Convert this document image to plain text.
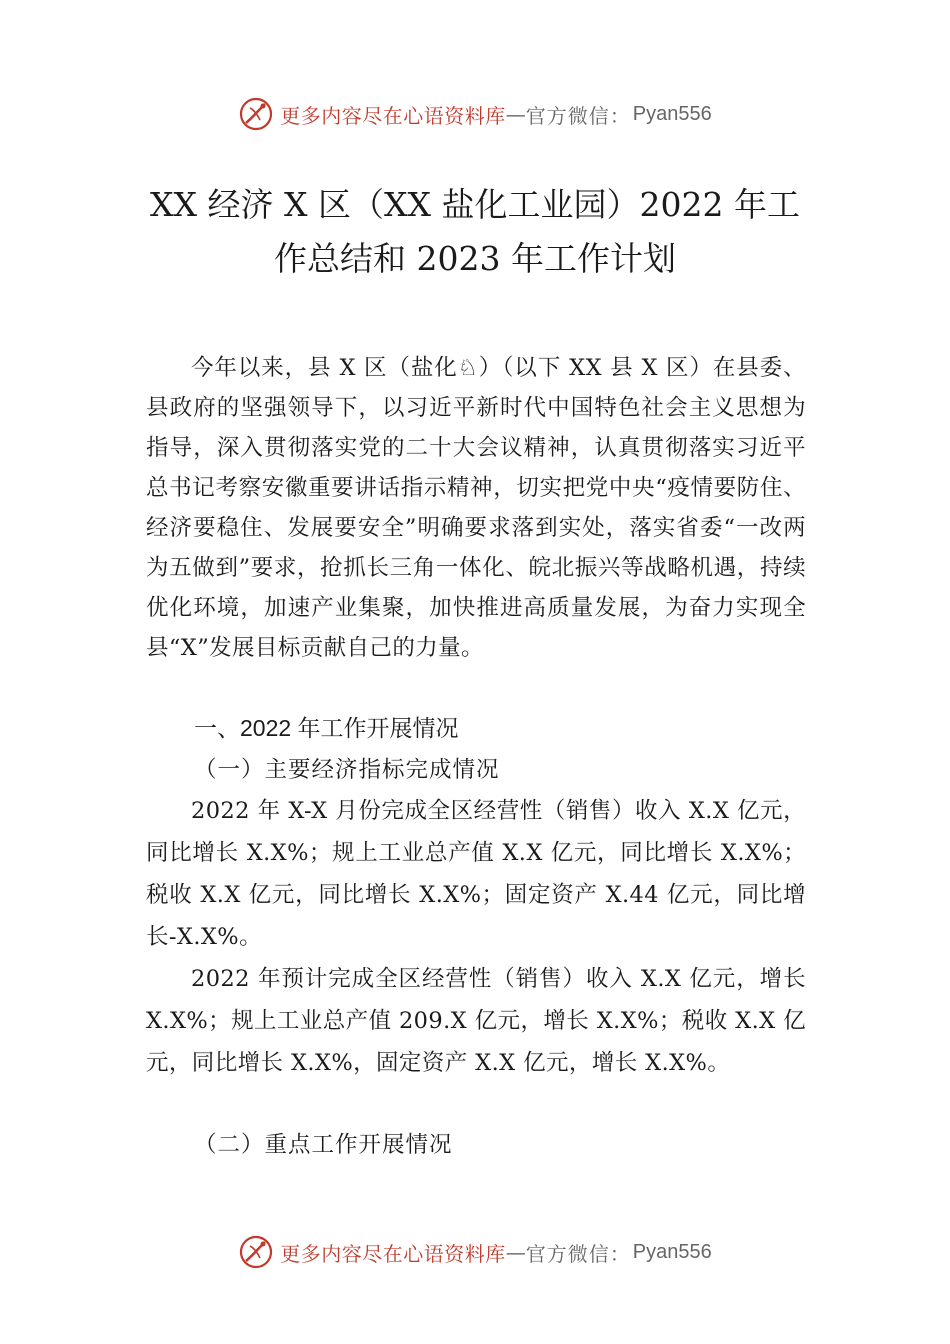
更多内容尽在心语资料库 — 官方微信： Pyan556
XX 经济 X 区（XX 盐化工业园）2022 年工
作总结和 2023 年工作计划

今年以来，县 X 区（盐化♘）（以下 XX 县 X 区）在县委、县政府的坚强领导下，以习近平新时代中国特色社会主义思想为指导，深入贯彻落实党的二十大会议精神，认真贯彻落实习近平总书记考察安徽重要讲话指示精神，切实把党中央“疫情要防住、经济要稳住、发展要安全”明确要求落到实处，落实省委“一改两为五做到”要求，抢抓长三角一体化、皖北振兴等战略机遇，持续优化环境，加速产业集聚，加快推进高质量发展，为奋力实现全县“X”发展目标贡献自己的力量。

一、2022 年工作开展情况
（一）主要经济指标完成情况

2022 年 X-X 月份完成全区经营性（销售）收入 X.X 亿元，同比增长 X.X%；规上工业总产值 X.X 亿元，同比增长 X.X%；税收 X.X 亿元，同比增长 X.X%；固定资产 X.44 亿元，同比增长-X.X%。

2022 年预计完成全区经营性（销售）收入 X.X 亿元，增长 X.X%；规上工业总产值 209.X 亿元，增长 X.X%；税收 X.X 亿元，同比增长 X.X%，固定资产 X.X 亿元，增长 X.X%。

（二）重点工作开展情况
更多内容尽在心语资料库 — 官方微信： Pyan556
